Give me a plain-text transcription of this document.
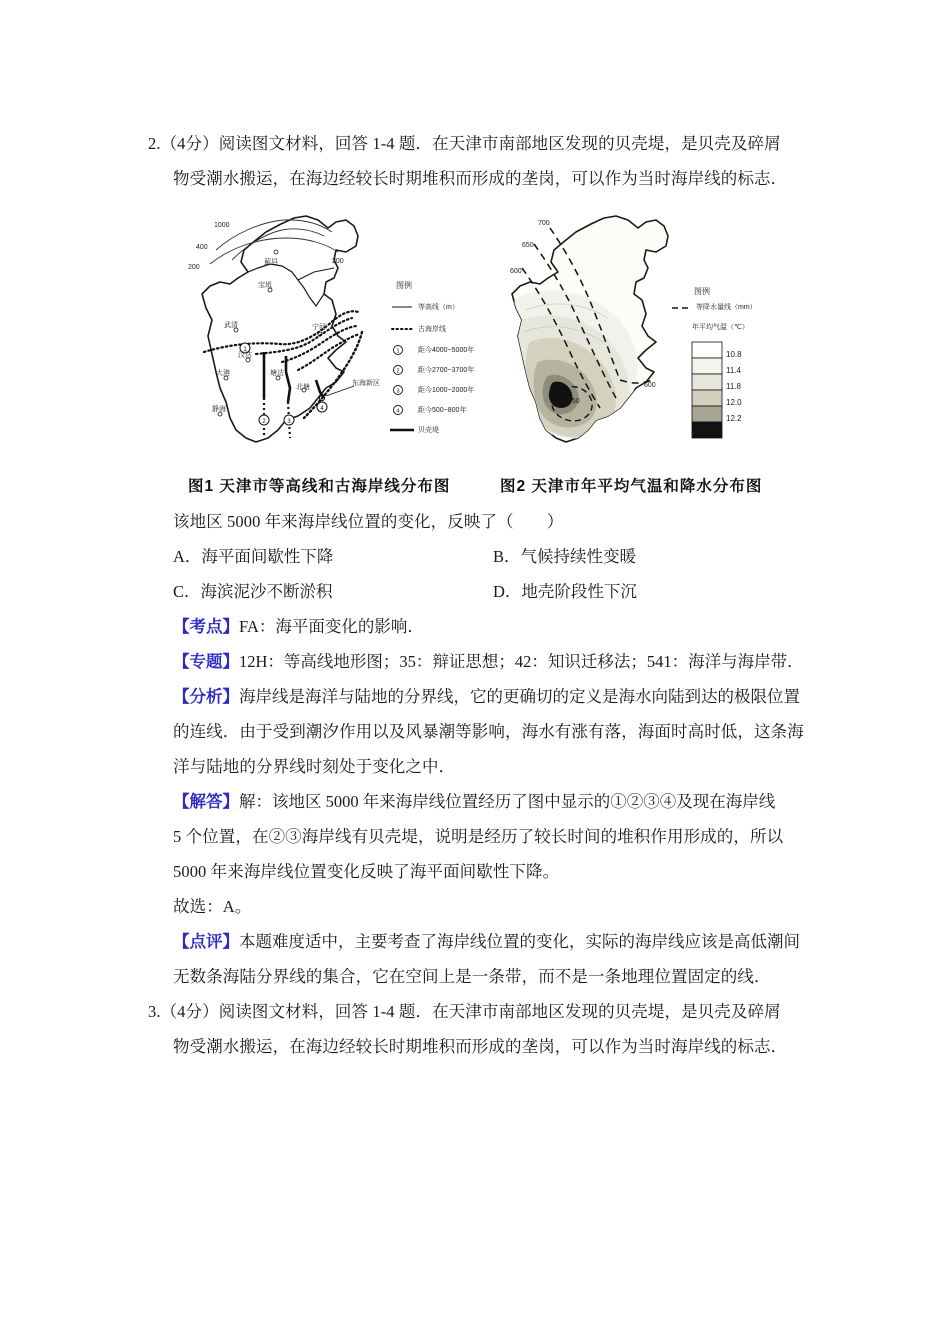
2.（4分）阅读图文材料，回答 1‑4 题．在天津市南部地区发现的贝壳堤，是贝壳及碎屑
物受潮水搬运，在海边经较长时期堆积而形成的垄岗，可以作为当时海岸线的标志．
1
2	3
4
1
2
3
4
1000
400
200
200
蓟县
宝坻
武清	宁河
汉沽
静海
大港	塘沽
北塘
东海新区
图例
等高线（m）
古海岸线
距今4000~5000年
距今2700~3700年
距今1000~2000年
距今500~800年
贝壳堤
700
650
600
600
550
图例
等降水量线（mm）
年平均气温（℃）
10.8
11.4
11.8
12.0
12.2
图1 天津市等高线和古海岸线分布图	图2 天津市年平均气温和降水分布图
该地区 5000 年来海岸线位置的变化，反映了（　　）
A．海平面间歇性下降	B．气候持续性变暖
C．海滨泥沙不断淤积	D．地壳阶段性下沉
【考点】FA：海平面变化的影响．
【专题】12H：等高线地形图；35：辩证思想；42：知识迁移法；541：海洋与海岸带．
【分析】海岸线是海洋与陆地的分界线，它的更确切的定义是海水向陆到达的极限位置
的连线．由于受到潮汐作用以及风暴潮等影响，海水有涨有落，海面时高时低，这条海
洋与陆地的分界线时刻处于变化之中．
【解答】解：该地区 5000 年来海岸线位置经历了图中显示的①②③④及现在海岸线
5 个位置，在②③海岸线有贝壳堤，说明是经历了较长时间的堆积作用形成的，所以
5000 年来海岸线位置变化反映了海平面间歇性下降。
故选：A。
【点评】本题难度适中，主要考查了海岸线位置的变化，实际的海岸线应该是高低潮间
无数条海陆分界线的集合，它在空间上是一条带，而不是一条地理位置固定的线．
3.（4分）阅读图文材料，回答 1‑4 题．在天津市南部地区发现的贝壳堤，是贝壳及碎屑
物受潮水搬运，在海边经较长时期堆积而形成的垄岗，可以作为当时海岸线的标志．
